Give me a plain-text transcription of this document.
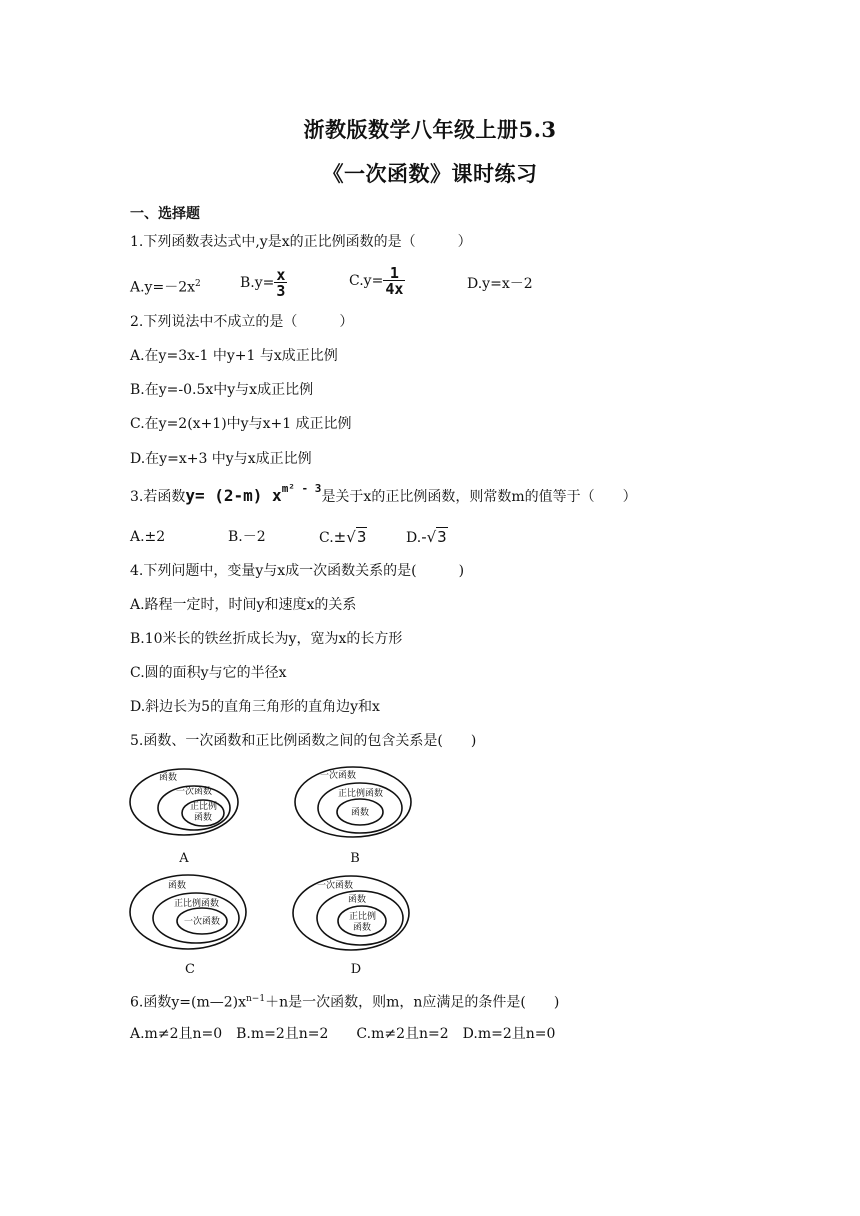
浙教版数学八年级上册5.3
《一次函数》课时练习
一、选择题
1.下列函数表达式中,y是x的正比例函数的是（　　　）
$A.y=-2x^2$	$B.y= \frac{x}{3}$	$C.y= \frac{1}{4x}$	D.y=x－2
2.下列说法中不成立的是（　　　）
A.在y=3x-1 中y+1 与x成正比例
B.在y=-0.5x中y与x成正比例
C.在y=2(x+1)中y与x+1 成正比例
D.在y=x+3 中y与x成正比例
3.若函数y= (2-m) $x^{m^2 - 3}$是关于x的正比例函数，则常数m的值等于（　　）
A.±2	B.－2	C.±√3	D.-√3
4.下列问题中，变量y与x成一次函数关系的是(　　　)
A.路程一定时，时间y和速度x的关系
B.10米长的铁丝折成长为y，宽为x的长方形
C.圆的面积y与它的半径x
D.斜边长为5的直角三角形的直角边y和x
5.函数、一次函数和正比例函数之间的包含关系是(　　)
函数
一次函数
正比例
函数
A
一次函数
正比例函数
函数
B
函数
正比例函数
一次函数
C
一次函数
函数
正比例
函数
D
6.函数$y=(m—2)x^{n-1}+n$是一次函数，则m，n应满足的条件是(　　)
A.m≠2且n=0　B.m=2且n=2　　C.m≠2且n=2　D.m=2且n=0
